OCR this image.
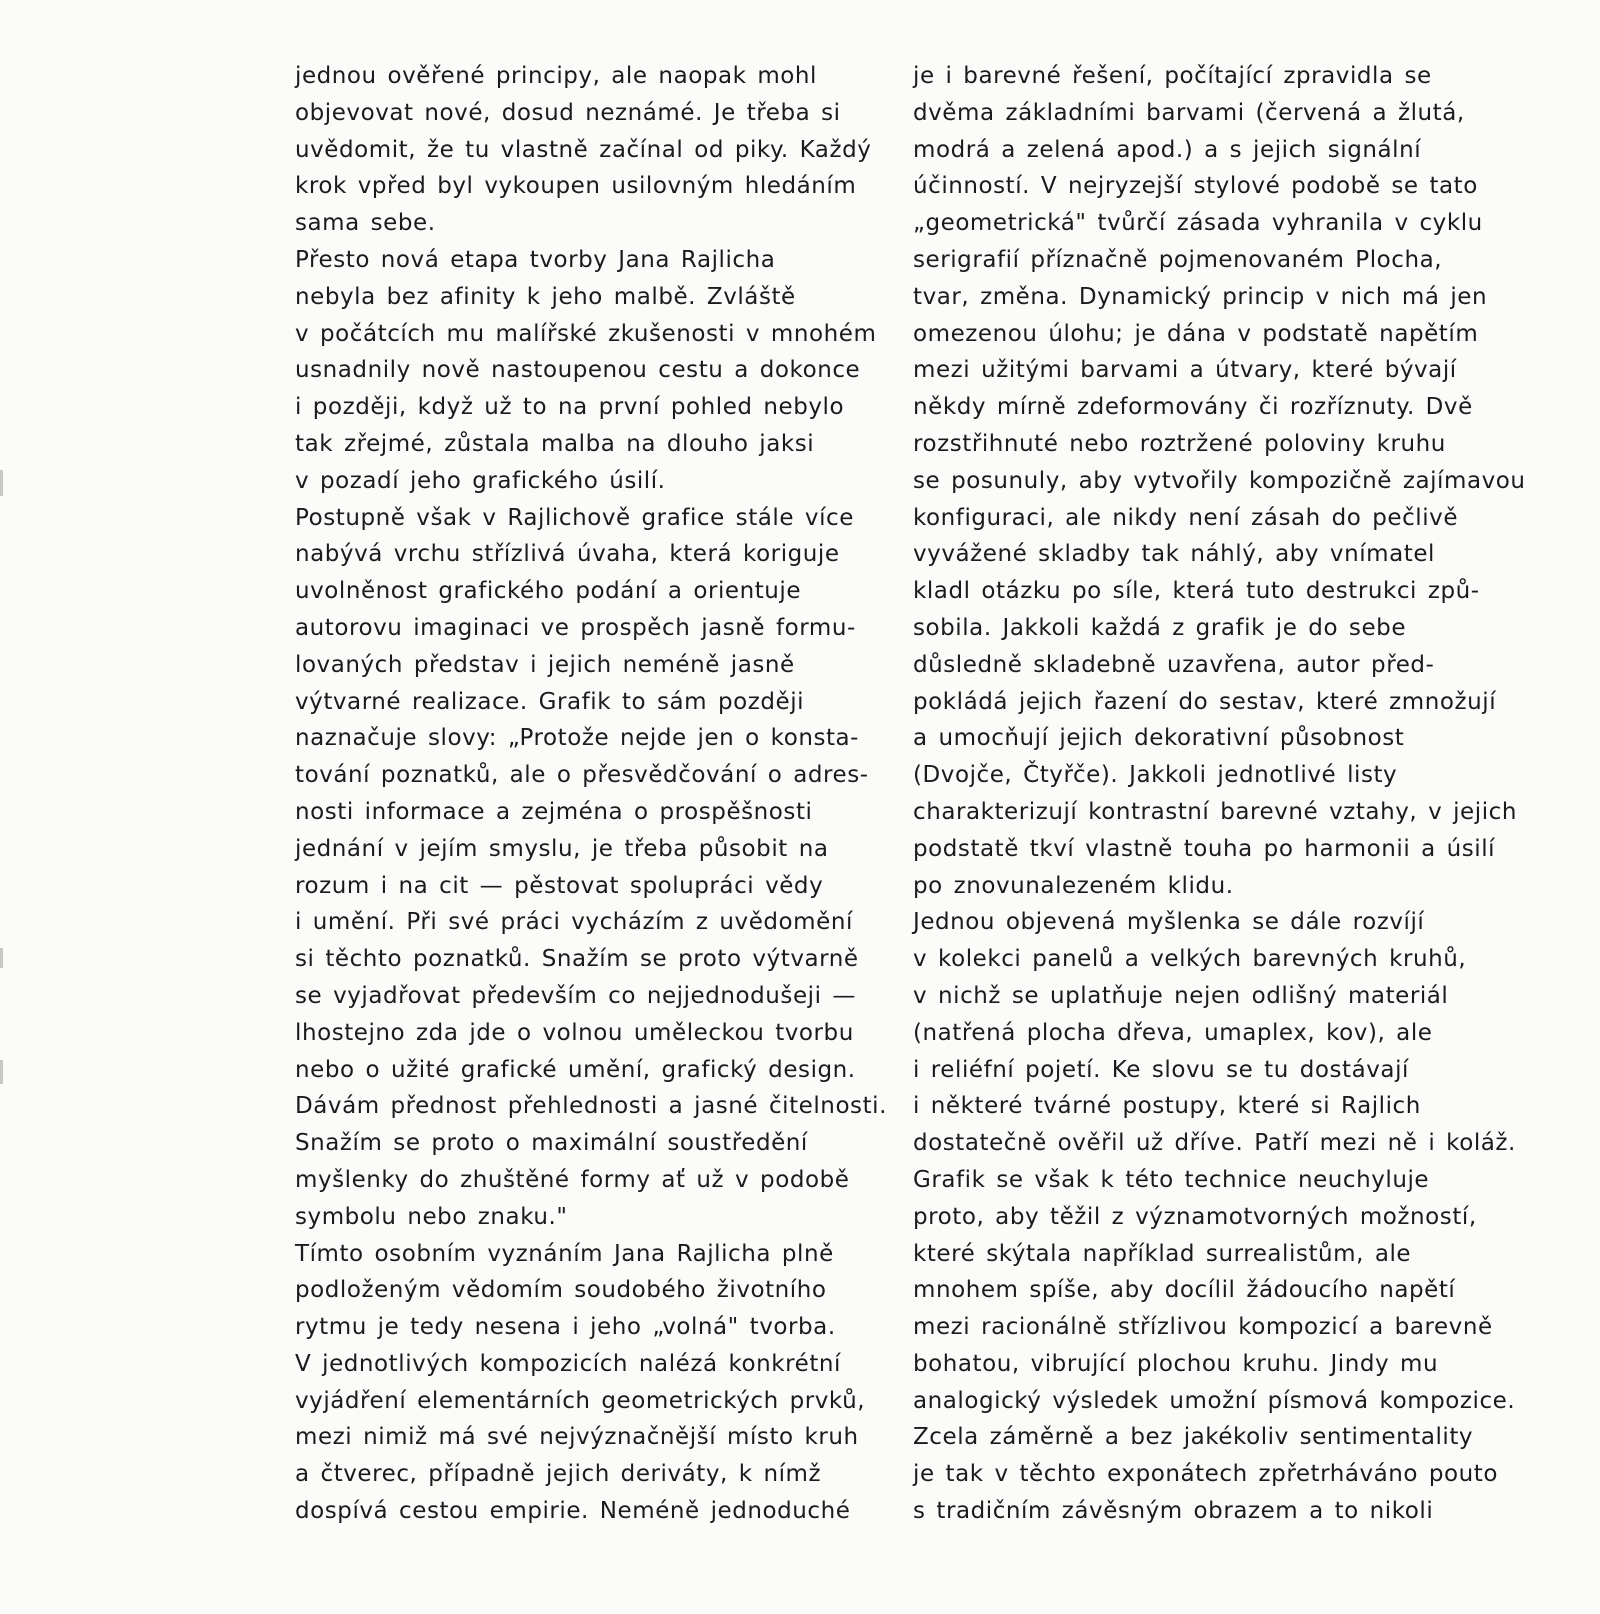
jednou ověřené principy, ale naopak mohl
objevovat nové, dosud neznámé. Je třeba si
uvědomit, že tu vlastně začínal od piky. Každý
krok vpřed byl vykoupen usilovným hledáním
sama sebe.
Přesto nová etapa tvorby Jana Rajlicha
nebyla bez afinity k jeho malbě. Zvláště
v počátcích mu malířské zkušenosti v mnohém
usnadnily nově nastoupenou cestu a dokonce
i později, když už to na první pohled nebylo
tak zřejmé, zůstala malba na dlouho jaksi
v pozadí jeho grafického úsilí.
Postupně však v Rajlichově grafice stále více
nabývá vrchu střízlivá úvaha, která koriguje
uvolněnost grafického podání a orientuje
autorovu imaginaci ve prospěch jasně formu-
lovaných představ i jejich neméně jasně
výtvarné realizace. Grafik to sám později
naznačuje slovy: „Protože nejde jen o konsta-
tování poznatků, ale o přesvědčování o adres-
nosti informace a zejména o prospěšnosti
jednání v jejím smyslu, je třeba působit na
rozum i na cit — pěstovat spolupráci vědy
i umění. Při své práci vycházím z uvědomění
si těchto poznatků. Snažím se proto výtvarně
se vyjadřovat především co nejjednodušeji —
lhostejno zda jde o volnou uměleckou tvorbu
nebo o užité grafické umění, grafický design.
Dávám přednost přehlednosti a jasné čitelnosti.
Snažím se proto o maximální soustředění
myšlenky do zhuštěné formy ať už v podobě
symbolu nebo znaku."
Tímto osobním vyznáním Jana Rajlicha plně
podloženým vědomím soudobého životního
rytmu je tedy nesena i jeho „volná" tvorba.
V jednotlivých kompozicích nalézá konkrétní
vyjádření elementárních geometrických prvků,
mezi nimiž má své nejvýznačnější místo kruh
a čtverec, případně jejich deriváty, k nímž
dospívá cestou empirie. Neméně jednoduché
je i barevné řešení, počítající zpravidla se
dvěma základními barvami (červená a žlutá,
modrá a zelená apod.) a s jejich signální
účinností. V nejryzejší stylové podobě se tato
„geometrická" tvůrčí zásada vyhranila v cyklu
serigrafií příznačně pojmenovaném Plocha,
tvar, změna. Dynamický princip v nich má jen
omezenou úlohu; je dána v podstatě napětím
mezi užitými barvami a útvary, které bývají
někdy mírně zdeformovány či rozříznuty. Dvě
rozstřihnuté nebo roztržené poloviny kruhu
se posunuly, aby vytvořily kompozičně zajímavou
konfiguraci, ale nikdy není zásah do pečlivě
vyvážené skladby tak náhlý, aby vnímatel
kladl otázku po síle, která tuto destrukci způ-
sobila. Jakkoli každá z grafik je do sebe
důsledně skladebně uzavřena, autor před-
pokládá jejich řazení do sestav, které zmnožují
a umocňují jejich dekorativní působnost
(Dvojče, Čtyřče). Jakkoli jednotlivé listy
charakterizují kontrastní barevné vztahy, v jejich
podstatě tkví vlastně touha po harmonii a úsilí
po znovunalezeném klidu.
Jednou objevená myšlenka se dále rozvíjí
v kolekci panelů a velkých barevných kruhů,
v nichž se uplatňuje nejen odlišný materiál
(natřená plocha dřeva, umaplex, kov), ale
i reliéfní pojetí. Ke slovu se tu dostávají
i některé tvárné postupy, které si Rajlich
dostatečně ověřil už dříve. Patří mezi ně i koláž.
Grafik se však k této technice neuchyluje
proto, aby těžil z významotvorných možností,
které skýtala například surrealistům, ale
mnohem spíše, aby docílil žádoucího napětí
mezi racionálně střízlivou kompozicí a barevně
bohatou, vibrující plochou kruhu. Jindy mu
analogický výsledek umožní písmová kompozice.
Zcela záměrně a bez jakékoliv sentimentality
je tak v těchto exponátech zpřetrháváno pouto
s tradičním závěsným obrazem a to nikoli
